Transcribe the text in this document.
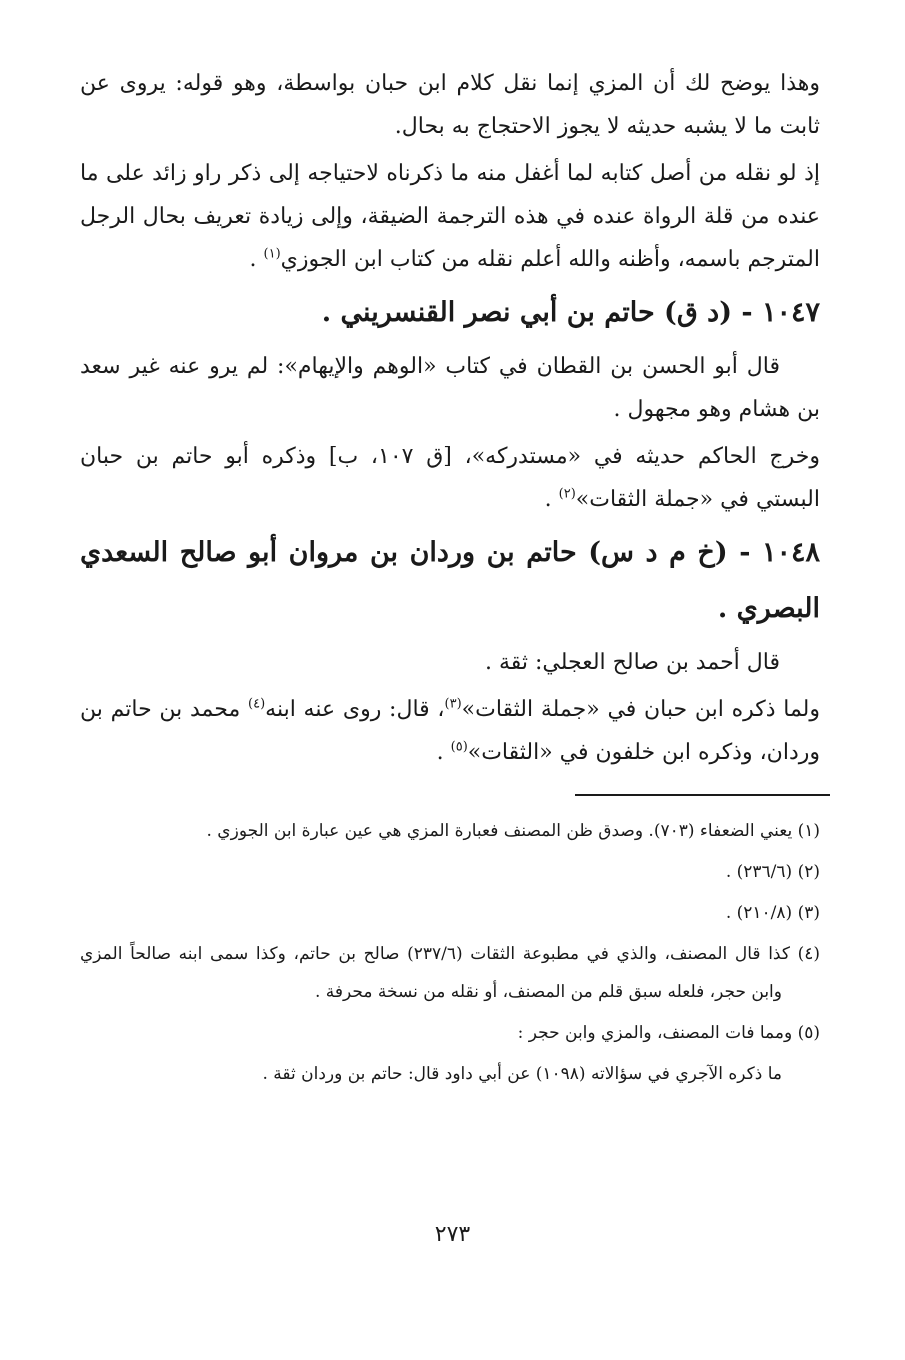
وهذا يوضح لك أن المزي إنما نقل كلام ابن حبان بواسطة، وهو قوله: يروى عن ثابت ما لا يشبه حديثه لا يجوز الاحتجاج به بحال.

إذ لو نقله من أصل كتابه لما أغفل منه ما ذكرناه لاحتياجه إلى ذكر راو زائد على ما عنده من قلة الرواة عنده في هذه الترجمة الضيقة، وإلى زيادة تعريف بحال الرجل المترجم باسمه، وأظنه والله أعلم نقله من كتاب ابن الجوزي$^{(١)}$ .

١٠٤٧ - (د ق) حاتم بن أبي نصر القنسريني .

قال أبو الحسن بن القطان في كتاب «الوهم والإيهام»: لم يرو عنه غير سعد بن هشام وهو مجهول .

وخرج الحاكم حديثه في «مستدركه»، [ق ١٠٧، ب] وذكره أبو حاتم بن حبان البستي في «جملة الثقات»$^{(٢)}$ .

١٠٤٨ - (خ م د س) حاتم بن وردان بن مروان أبو صالح السعدي البصري .

قال أحمد بن صالح العجلي: ثقة .

ولما ذكره ابن حبان في «جملة الثقات»$^{(٣)}$، قال: روى عنه ابنه$^{(٤)}$ محمد بن حاتم بن وردان، وذكره ابن خلفون في «الثقات»$^{(٥)}$ .

(١) يعني الضعفاء (٧٠٣). وصدق ظن المصنف فعبارة المزي هي عين عبارة ابن الجوزي .

(٢) (٢٣٦/٦) .

(٣) (٢١٠/٨) .

(٤) كذا قال المصنف، والذي في مطبوعة الثقات (٢٣٧/٦) صالح بن حاتم، وكذا سمى ابنه صالحاً المزي وابن حجر، فلعله سبق قلم من المصنف، أو نقله من نسخة محرفة .

(٥) ومما فات المصنف، والمزي وابن حجر :

ما ذكره الآجري في سؤالاته (١٠٩٨) عن أبي داود قال: حاتم بن وردان ثقة .

٢٧٣
